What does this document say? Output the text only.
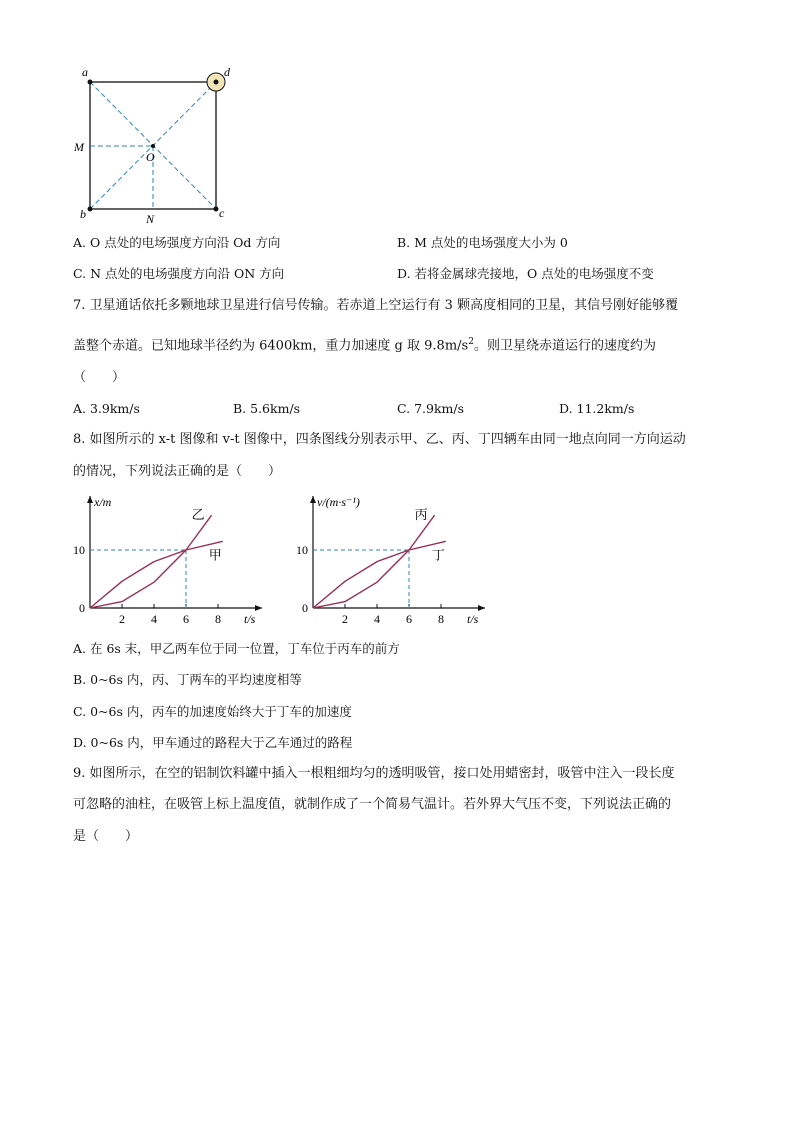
a	d
b	c
M
O
N
A. O 点处的电场强度方向沿 Od 方向	B. M 点处的电场强度大小为 0
C. N 点处的电场强度方向沿 ON 方向	D. 若将金属球壳接地，O 点处的电场强度不变
7. 卫星通话依托多颗地球卫星进行信号传输。若赤道上空运行有 3 颗高度相同的卫星，其信号刚好能够覆
盖整个赤道。已知地球半径约为 6400km，重力加速度 g 取 $9.8m/s^2$。则卫星绕赤道运行的速度约为
（　　）
A. 3.9km/s	B. 5.6km/s	C. 7.9km/s	D. 11.2km/s
8. 如图所示的 x-t 图像和 v-t 图像中，四条图线分别表示甲、乙、丙、丁四辆车由同一地点向同一方向运动
的情况，下列说法正确的是（　　）
x/m
t/s
0
2 4 6 8
10
乙
甲
v/(m·s⁻¹)
t/s
0
2 4 6 8
10
丙
丁
A. 在 6s 末，甲乙两车位于同一位置，丁车位于丙车的前方
B. 0~6s 内，丙、丁两车的平均速度相等
C. 0~6s 内，丙车的加速度始终大于丁车的加速度
D. 0~6s 内，甲车通过的路程大于乙车通过的路程
9. 如图所示，在空的铝制饮料罐中插入一根粗细均匀的透明吸管，接口处用蜡密封，吸管中注入一段长度
可忽略的油柱，在吸管上标上温度值，就制作成了一个简易气温计。若外界大气压不变，下列说法正确的
是（　　）
